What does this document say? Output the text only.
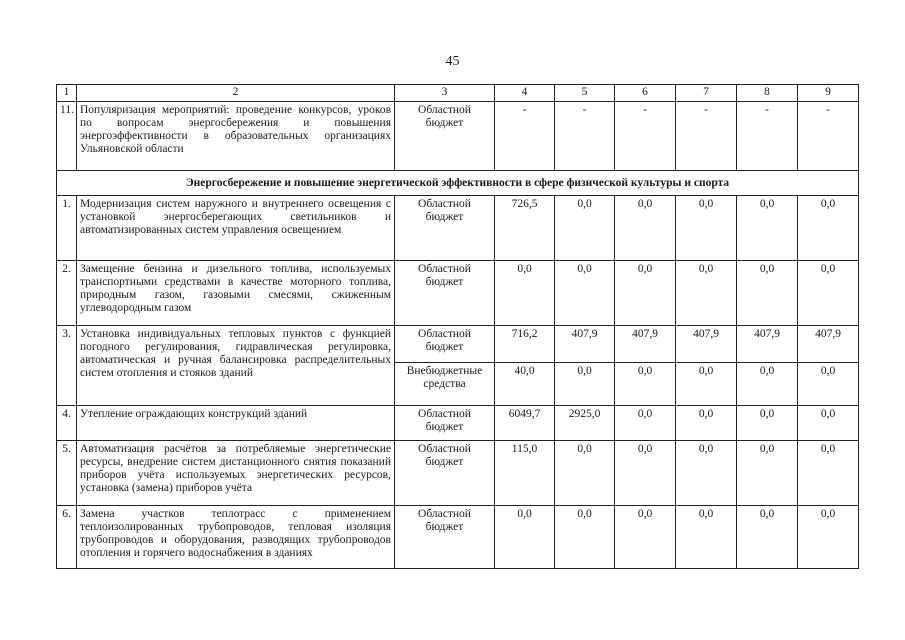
45
1	2	3	4	5	6	7	8	9
11.	Популяризация мероприятий: проведение конкурсов, уроков по вопросам энергосбережения и повышения энергоэффективности в образовательных организациях Ульяновской области	Областной бюджет	-	-	-	-	-	-
Энергосбережение и повышение энергетической эффективности в сфере физической культуры и спорта								
1.	Модернизация систем наружного и внутреннего освещения с установкой энергосберегающих светильников и автоматизированных систем управления освещением	Областной бюджет	726,5	0,0	0,0	0,0	0,0	0,0
2.	Замещение бензина и дизельного топлива, используемых транспортными средствами в качестве моторного топлива, природным газом, газовыми смесями, сжиженным углеводородным газом	Областной бюджет	0,0	0,0	0,0	0,0	0,0	0,0
3.	Установка индивидуальных тепловых пунктов с функцией погодного регулирования, гидравлическая регулировка, автоматическая и ручная балансировка распределительных систем отопления и стояков зданий	Областной бюджет	716,2	407,9	407,9	407,9	407,9	407,9
		Внебюджетные средства	40,0	0,0	0,0	0,0	0,0	0,0
4.	Утепление ограждающих конструкций зданий	Областной бюджет	6049,7	2925,0	0,0	0,0	0,0	0,0
5.	Автоматизация расчётов за потребляемые энергетические ресурсы, внедрение систем дистанционного снятия показаний приборов учёта используемых энергетических ресурсов, установка (замена) приборов учёта	Областной бюджет	115,0	0,0	0,0	0,0	0,0	0,0
6.	Замена участков теплотрасс с применением теплоизолированных трубопроводов, тепловая изоляция трубопроводов и оборудования, разводящих трубопроводов отопления и горячего водоснабжения в зданиях	Областной бюджет	0,0	0,0	0,0	0,0	0,0	0,0
